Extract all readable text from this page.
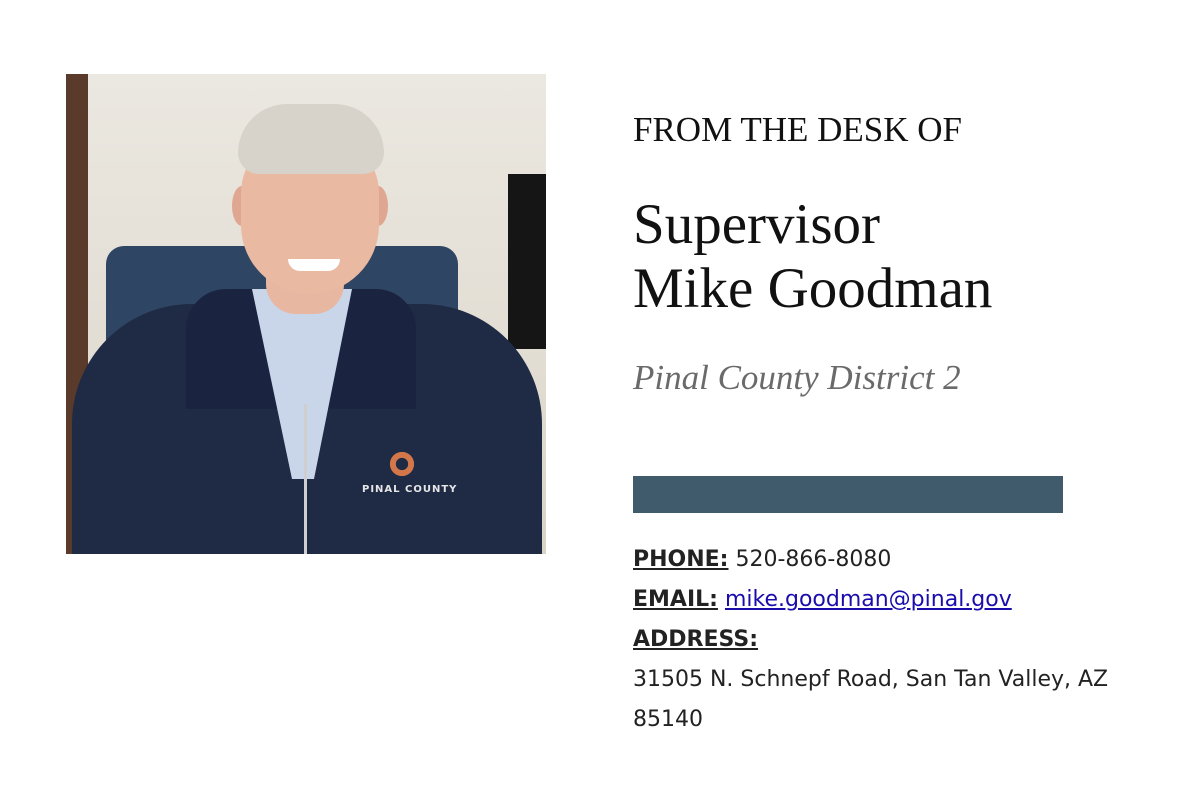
PINAL COUNTY
FROM THE DESK OF
Supervisor
Mike Goodman
Pinal County District 2
PHONE: 520-866-8080
EMAIL: mike.goodman@pinal.gov
ADDRESS:
31505 N. Schnepf Road, San Tan Valley, AZ
85140
